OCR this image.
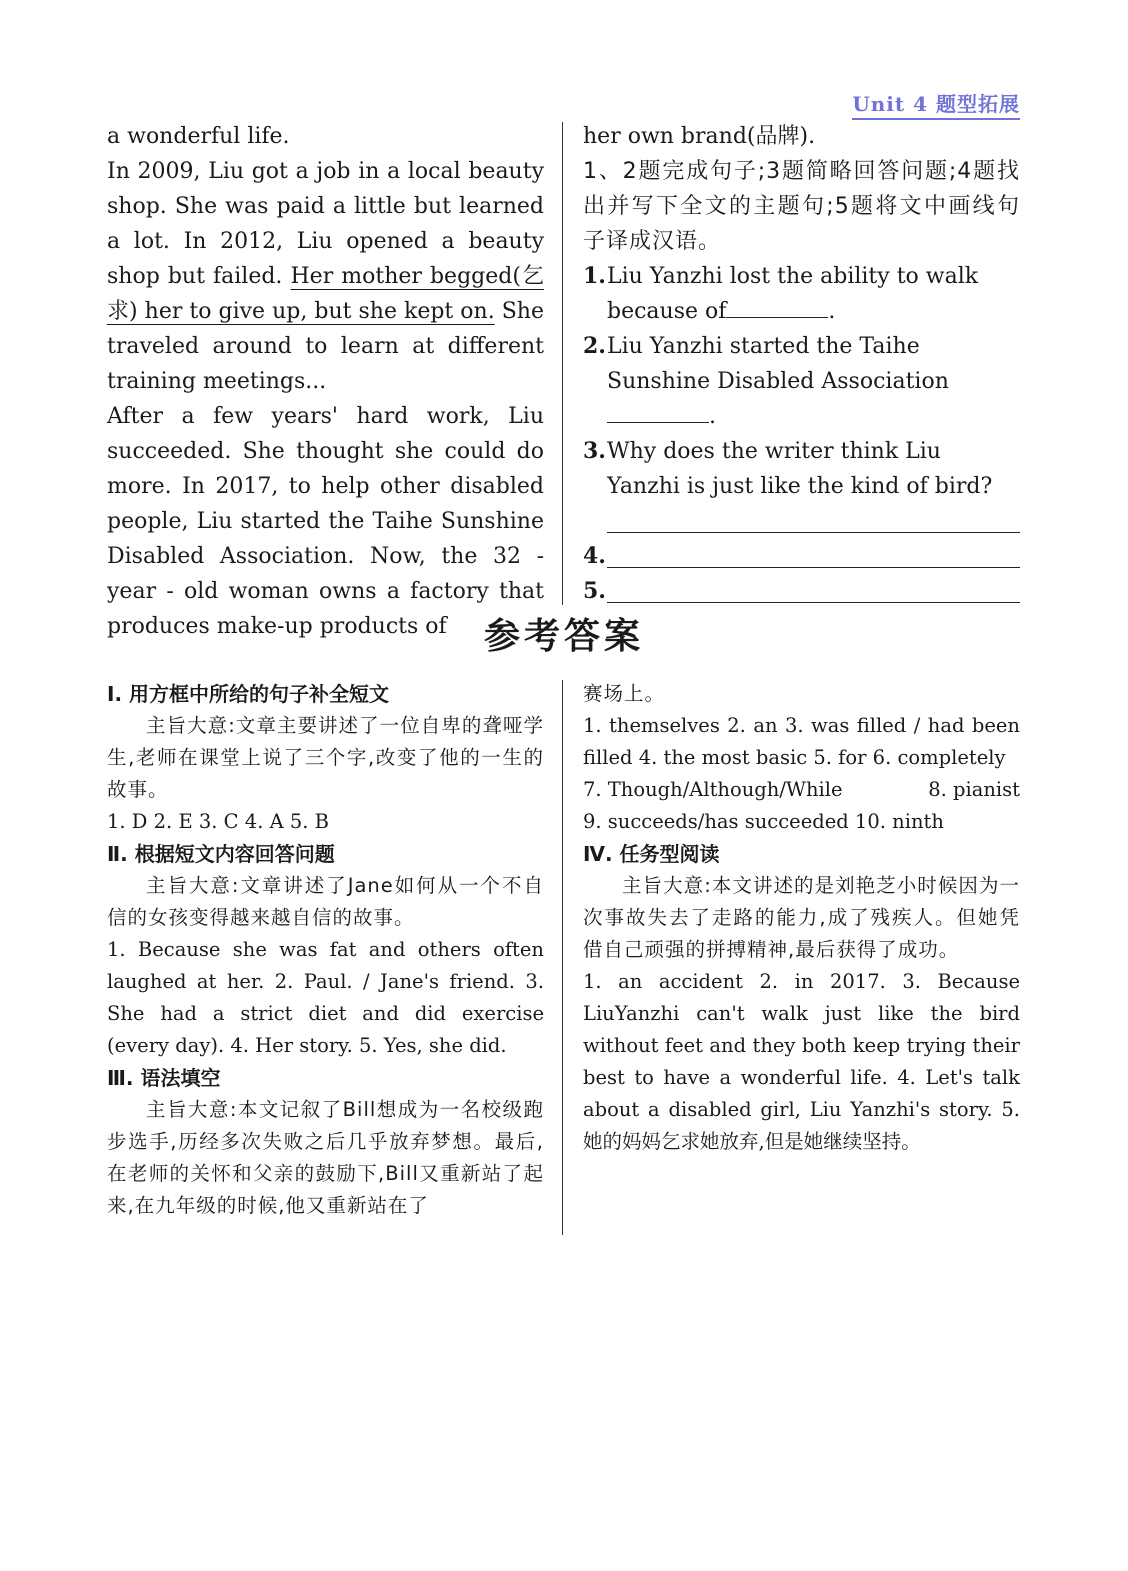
Unit 4 题型拓展

a wonderful life.

In 2009, Liu got a job in a local beauty shop. She was paid a little but learned a lot. In 2012, Liu opened a beauty shop but failed. Her mother begged(乞求) her to give up, but she kept on. She traveled around to learn at different training meetings...

After a few years' hard work, Liu succeeded. She thought she could do more. In 2017, to help other disabled people, Liu started the Taihe Sunshine Disabled Association. Now, the 32 - year - old woman owns a factory that produces make-up products of

her own brand(品牌).

1、2题完成句子;3题简略回答问题;4题找出并写下全文的主题句;5题将文中画线句子译成汉语。

1. Liu Yanzhi lost the ability to walk because of	.
2. Liu Yanzhi started the Taihe Sunshine Disabled Association.
3. Why does the writer think Liu Yanzhi is just like the kind of bird?
4.
5.
参考答案

Ⅰ. 用方框中所给的句子补全短文

主旨大意:文章主要讲述了一位自卑的聋哑学生,老师在课堂上说了三个字,改变了他的一生的故事。

1. D 2. E 3. C 4. A 5. B

Ⅱ. 根据短文内容回答问题

主旨大意:文章讲述了Jane如何从一个不自信的女孩变得越来越自信的故事。

1. Because she was fat and others often laughed at her. 2. Paul. / Jane's friend. 3. She had a strict diet and did exercise (every day). 4. Her story. 5. Yes, she did.

Ⅲ. 语法填空

主旨大意:本文记叙了Bill想成为一名校级跑步选手,历经多次失败之后几乎放弃梦想。最后,在老师的关怀和父亲的鼓励下,Bill又重新站了起来,在九年级的时候,他又重新站在了

赛场上。

1. themselves 2. an 3. was filled / had been filled 4. the most basic 5. for 6. completely

7. Though/Although/While	8. pianist

9. succeeds/has succeeded 10. ninth

Ⅳ. 任务型阅读

主旨大意:本文讲述的是刘艳芝小时候因为一次事故失去了走路的能力,成了残疾人。但她凭借自己顽强的拼搏精神,最后获得了成功。

1. an accident 2. in 2017. 3. Because LiuYanzhi can't walk just like the bird without feet and they both keep trying their best to have a wonderful life. 4. Let's talk about a disabled girl, Liu Yanzhi's story. 5. 她的妈妈乞求她放弃,但是她继续坚持。
